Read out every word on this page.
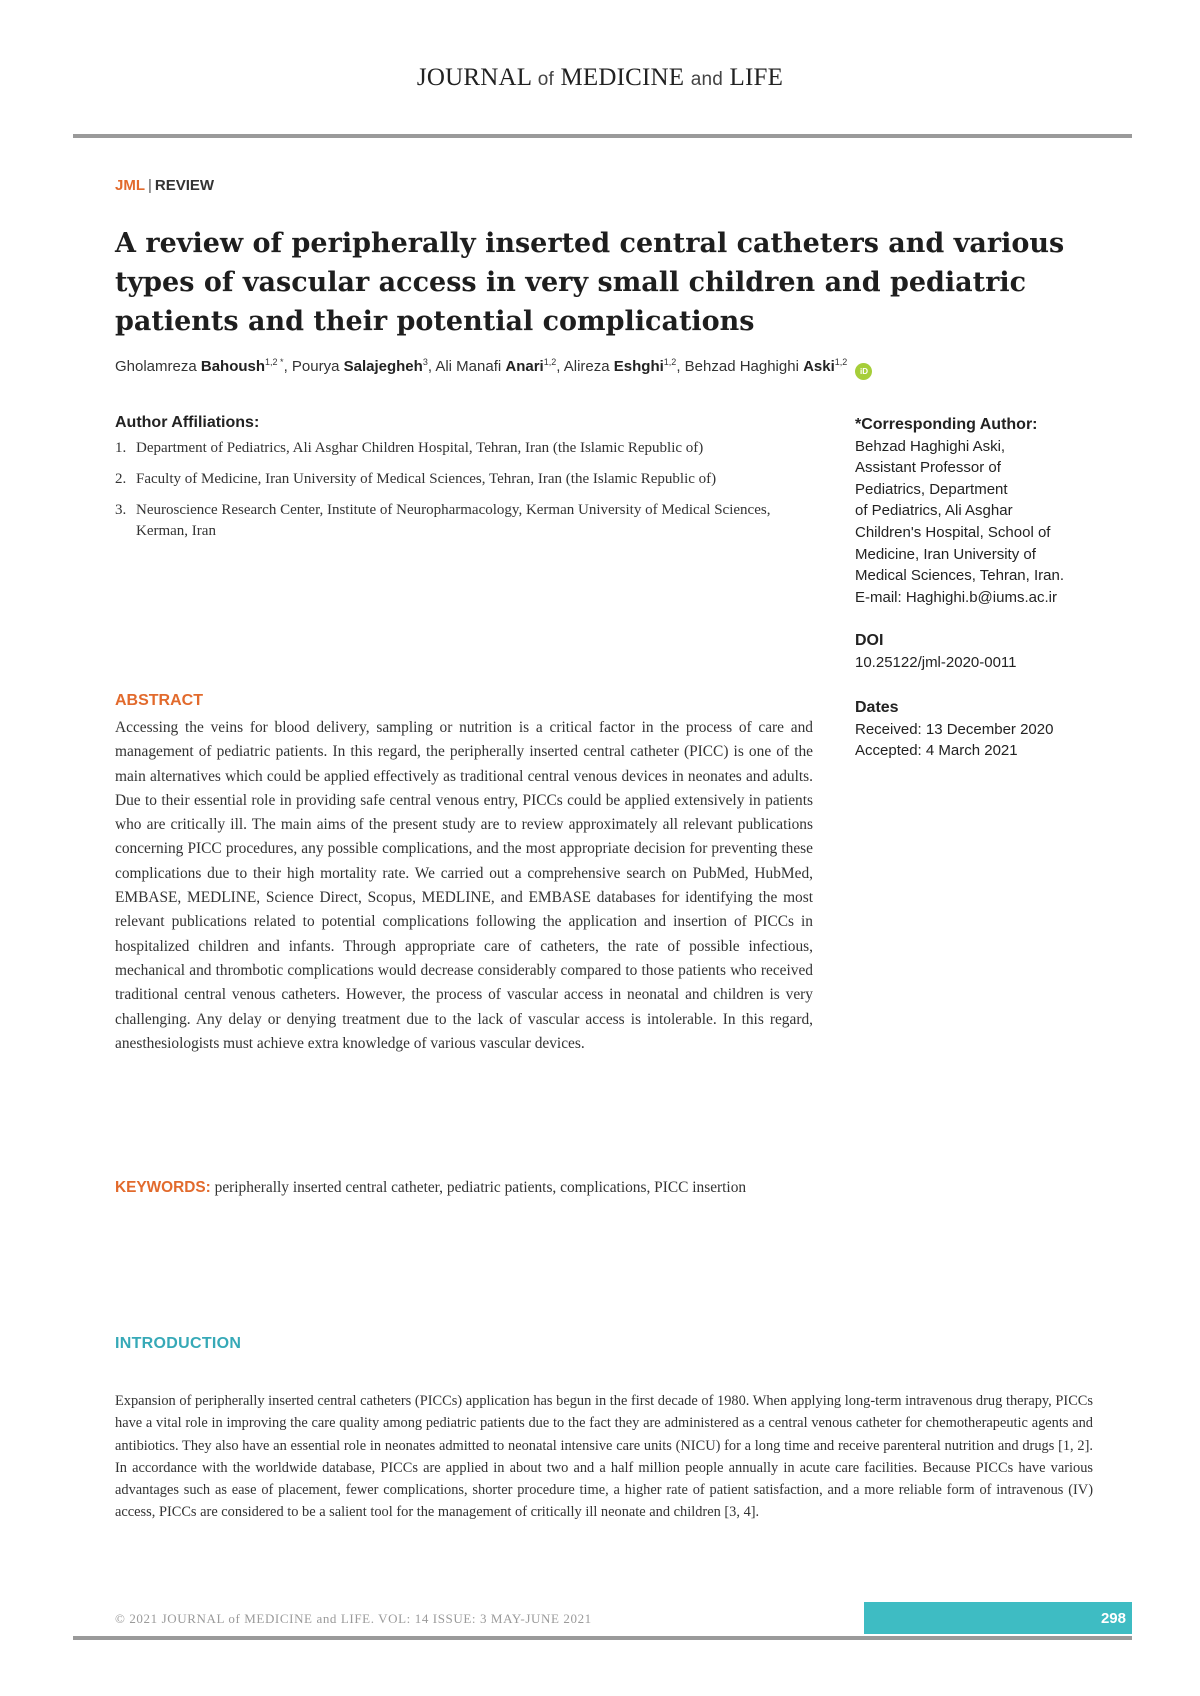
JOURNAL of MEDICINE and LIFE
JML | REVIEW
A review of peripherally inserted central catheters and various types of vascular access in very small children and pediatric patients and their potential complications
Gholamreza Bahoush$^{1,2 *}$, Pourya Salajegheh$^3$, Ali Manafi Anari$^{1,2}$, Alireza Eshghi$^{1,2}$, Behzad Haghighi Aski$^{1,2}$ iD
Author Affiliations:
1. Department of Pediatrics, Ali Asghar Children Hospital, Tehran, Iran (the Islamic Republic of)
2. Faculty of Medicine, Iran University of Medical Sciences, Tehran, Iran (the Islamic Republic of)
3. Neuroscience Research Center, Institute of Neuropharmacology, Kerman University of Medical Sciences, Kerman, Iran
*Corresponding Author:
Behzad Haghighi Aski,
Assistant Professor of
Pediatrics, Department
of Pediatrics, Ali Asghar
Children's Hospital, School of
Medicine, Iran University of
Medical Sciences, Tehran, Iran.
E-mail: Haghighi.b@iums.ac.ir
DOI
10.25122/jml-2020-0011
Dates
Received: 13 December 2020
Accepted: 4 March 2021
ABSTRACT
Accessing the veins for blood delivery, sampling or nutrition is a critical factor in the process of care and management of pediatric patients. In this regard, the peripherally inserted central catheter (PICC) is one of the main alternatives which could be applied effectively as traditional central venous devices in neonates and adults. Due to their essential role in providing safe central venous entry, PICCs could be applied extensively in patients who are critically ill. The main aims of the present study are to review approximately all relevant publications concerning PICC procedures, any possible complications, and the most appropriate decision for preventing these complications due to their high mortality rate. We carried out a comprehensive search on PubMed, HubMed, EMBASE, MEDLINE, Science Direct, Scopus, MEDLINE, and EMBASE databases for identifying the most relevant publications related to potential complications following the application and insertion of PICCs in hospitalized children and infants. Through appropriate care of catheters, the rate of possible infectious, mechanical and thrombotic complications would decrease considerably compared to those patients who received traditional central venous catheters. However, the process of vascular access in neonatal and children is very challenging. Any delay or denying treatment due to the lack of vascular access is intolerable. In this regard, anesthesiologists must achieve extra knowledge of various vascular devices.
KEYWORDS: peripherally inserted central catheter, pediatric patients, complications, PICC insertion
INTRODUCTION
Expansion of peripherally inserted central catheters (PICCs) application has begun in the first decade of 1980. When applying long-term intravenous drug therapy, PICCs have a vital role in improving the care quality among pediatric patients due to the fact they are administered as a central venous catheter for chemotherapeutic agents and antibiotics. They also have an essential role in neonates admitted to neonatal intensive care units (NICU) for a long time and receive parenteral nutrition and drugs [1, 2]. In accordance with the worldwide database, PICCs are applied in about two and a half million people annually in acute care facilities. Because PICCs have various advantages such as ease of placement, fewer complications, shorter procedure time, a higher rate of patient satisfaction, and a more reliable form of intravenous (IV) access, PICCs are considered to be a salient tool for the management of critically ill neonate and children [3, 4].
© 2021 JOURNAL of MEDICINE and LIFE. VOL: 14 ISSUE: 3 MAY-JUNE 2021	298
